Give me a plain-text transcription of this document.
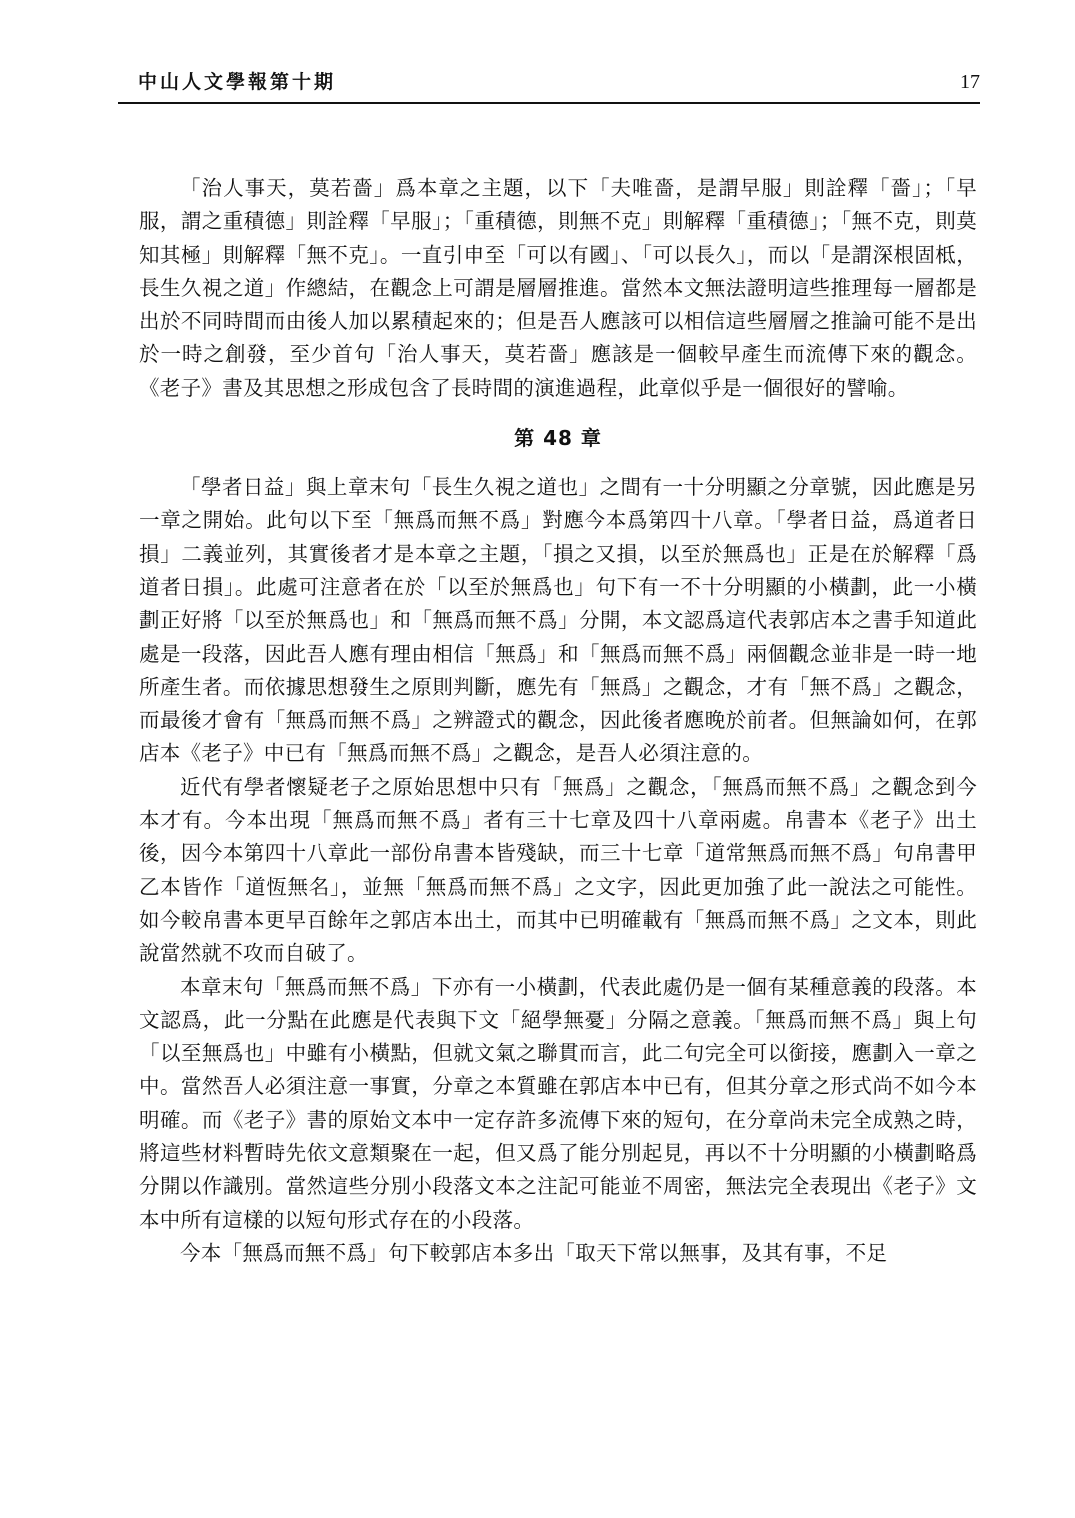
中山人文學報第十期	17

「治人事天，莫若嗇」爲本章之主題，以下「夫唯嗇，是謂早服」則詮釋「嗇」；「早服，謂之重積德」則詮釋「早服」；「重積德，則無不克」則解釋「重積德」；「無不克，則莫知其極」則解釋「無不克」。一直引申至「可以有國」、「可以長久」，而以「是謂深根固柢，長生久視之道」作總結，在觀念上可謂是層層推進。當然本文無法證明這些推理每一層都是出於不同時間而由後人加以累積起來的；但是吾人應該可以相信這些層層之推論可能不是出於一時之創發，至少首句「治人事天，莫若嗇」應該是一個較早產生而流傳下來的觀念。《老子》書及其思想之形成包含了長時間的演進過程，此章似乎是一個很好的譬喻。

第 48 章

「學者日益」與上章末句「長生久視之道也」之間有一十分明顯之分章號，因此應是另一章之開始。此句以下至「無爲而無不爲」對應今本爲第四十八章。「學者日益，爲道者日損」二義並列，其實後者才是本章之主題，「損之又損，以至於無爲也」正是在於解釋「爲道者日損」。此處可注意者在於「以至於無爲也」句下有一不十分明顯的小橫劃，此一小橫劃正好將「以至於無爲也」和「無爲而無不爲」分開，本文認爲這代表郭店本之書手知道此處是一段落，因此吾人應有理由相信「無爲」和「無爲而無不爲」兩個觀念並非是一時一地所產生者。而依據思想發生之原則判斷，應先有「無爲」之觀念，才有「無不爲」之觀念，而最後才會有「無爲而無不爲」之辨證式的觀念，因此後者應晚於前者。但無論如何，在郭店本《老子》中已有「無爲而無不爲」之觀念，是吾人必須注意的。

近代有學者懷疑老子之原始思想中只有「無爲」之觀念，「無爲而無不爲」之觀念到今本才有。今本出現「無爲而無不爲」者有三十七章及四十八章兩處。帛書本《老子》出土後，因今本第四十八章此一部份帛書本皆殘缺，而三十七章「道常無爲而無不爲」句帛書甲乙本皆作「道恆無名」，並無「無爲而無不爲」之文字，因此更加強了此一說法之可能性。如今較帛書本更早百餘年之郭店本出土，而其中已明確載有「無爲而無不爲」之文本，則此說當然就不攻而自破了。

本章末句「無爲而無不爲」下亦有一小橫劃，代表此處仍是一個有某種意義的段落。本文認爲，此一分點在此應是代表與下文「絕學無憂」分隔之意義。「無爲而無不爲」與上句「以至無爲也」中雖有小橫點，但就文氣之聯貫而言，此二句完全可以銜接，應劃入一章之中。當然吾人必須注意一事實，分章之本質雖在郭店本中已有，但其分章之形式尚不如今本明確。而《老子》書的原始文本中一定存許多流傳下來的短句，在分章尚未完全成熟之時，將這些材料暫時先依文意類聚在一起，但又爲了能分別起見，再以不十分明顯的小橫劃略爲分開以作識別。當然這些分別小段落文本之注記可能並不周密，無法完全表現出《老子》文本中所有這樣的以短句形式存在的小段落。

今本「無爲而無不爲」句下較郭店本多出「取天下常以無事，及其有事，不足
